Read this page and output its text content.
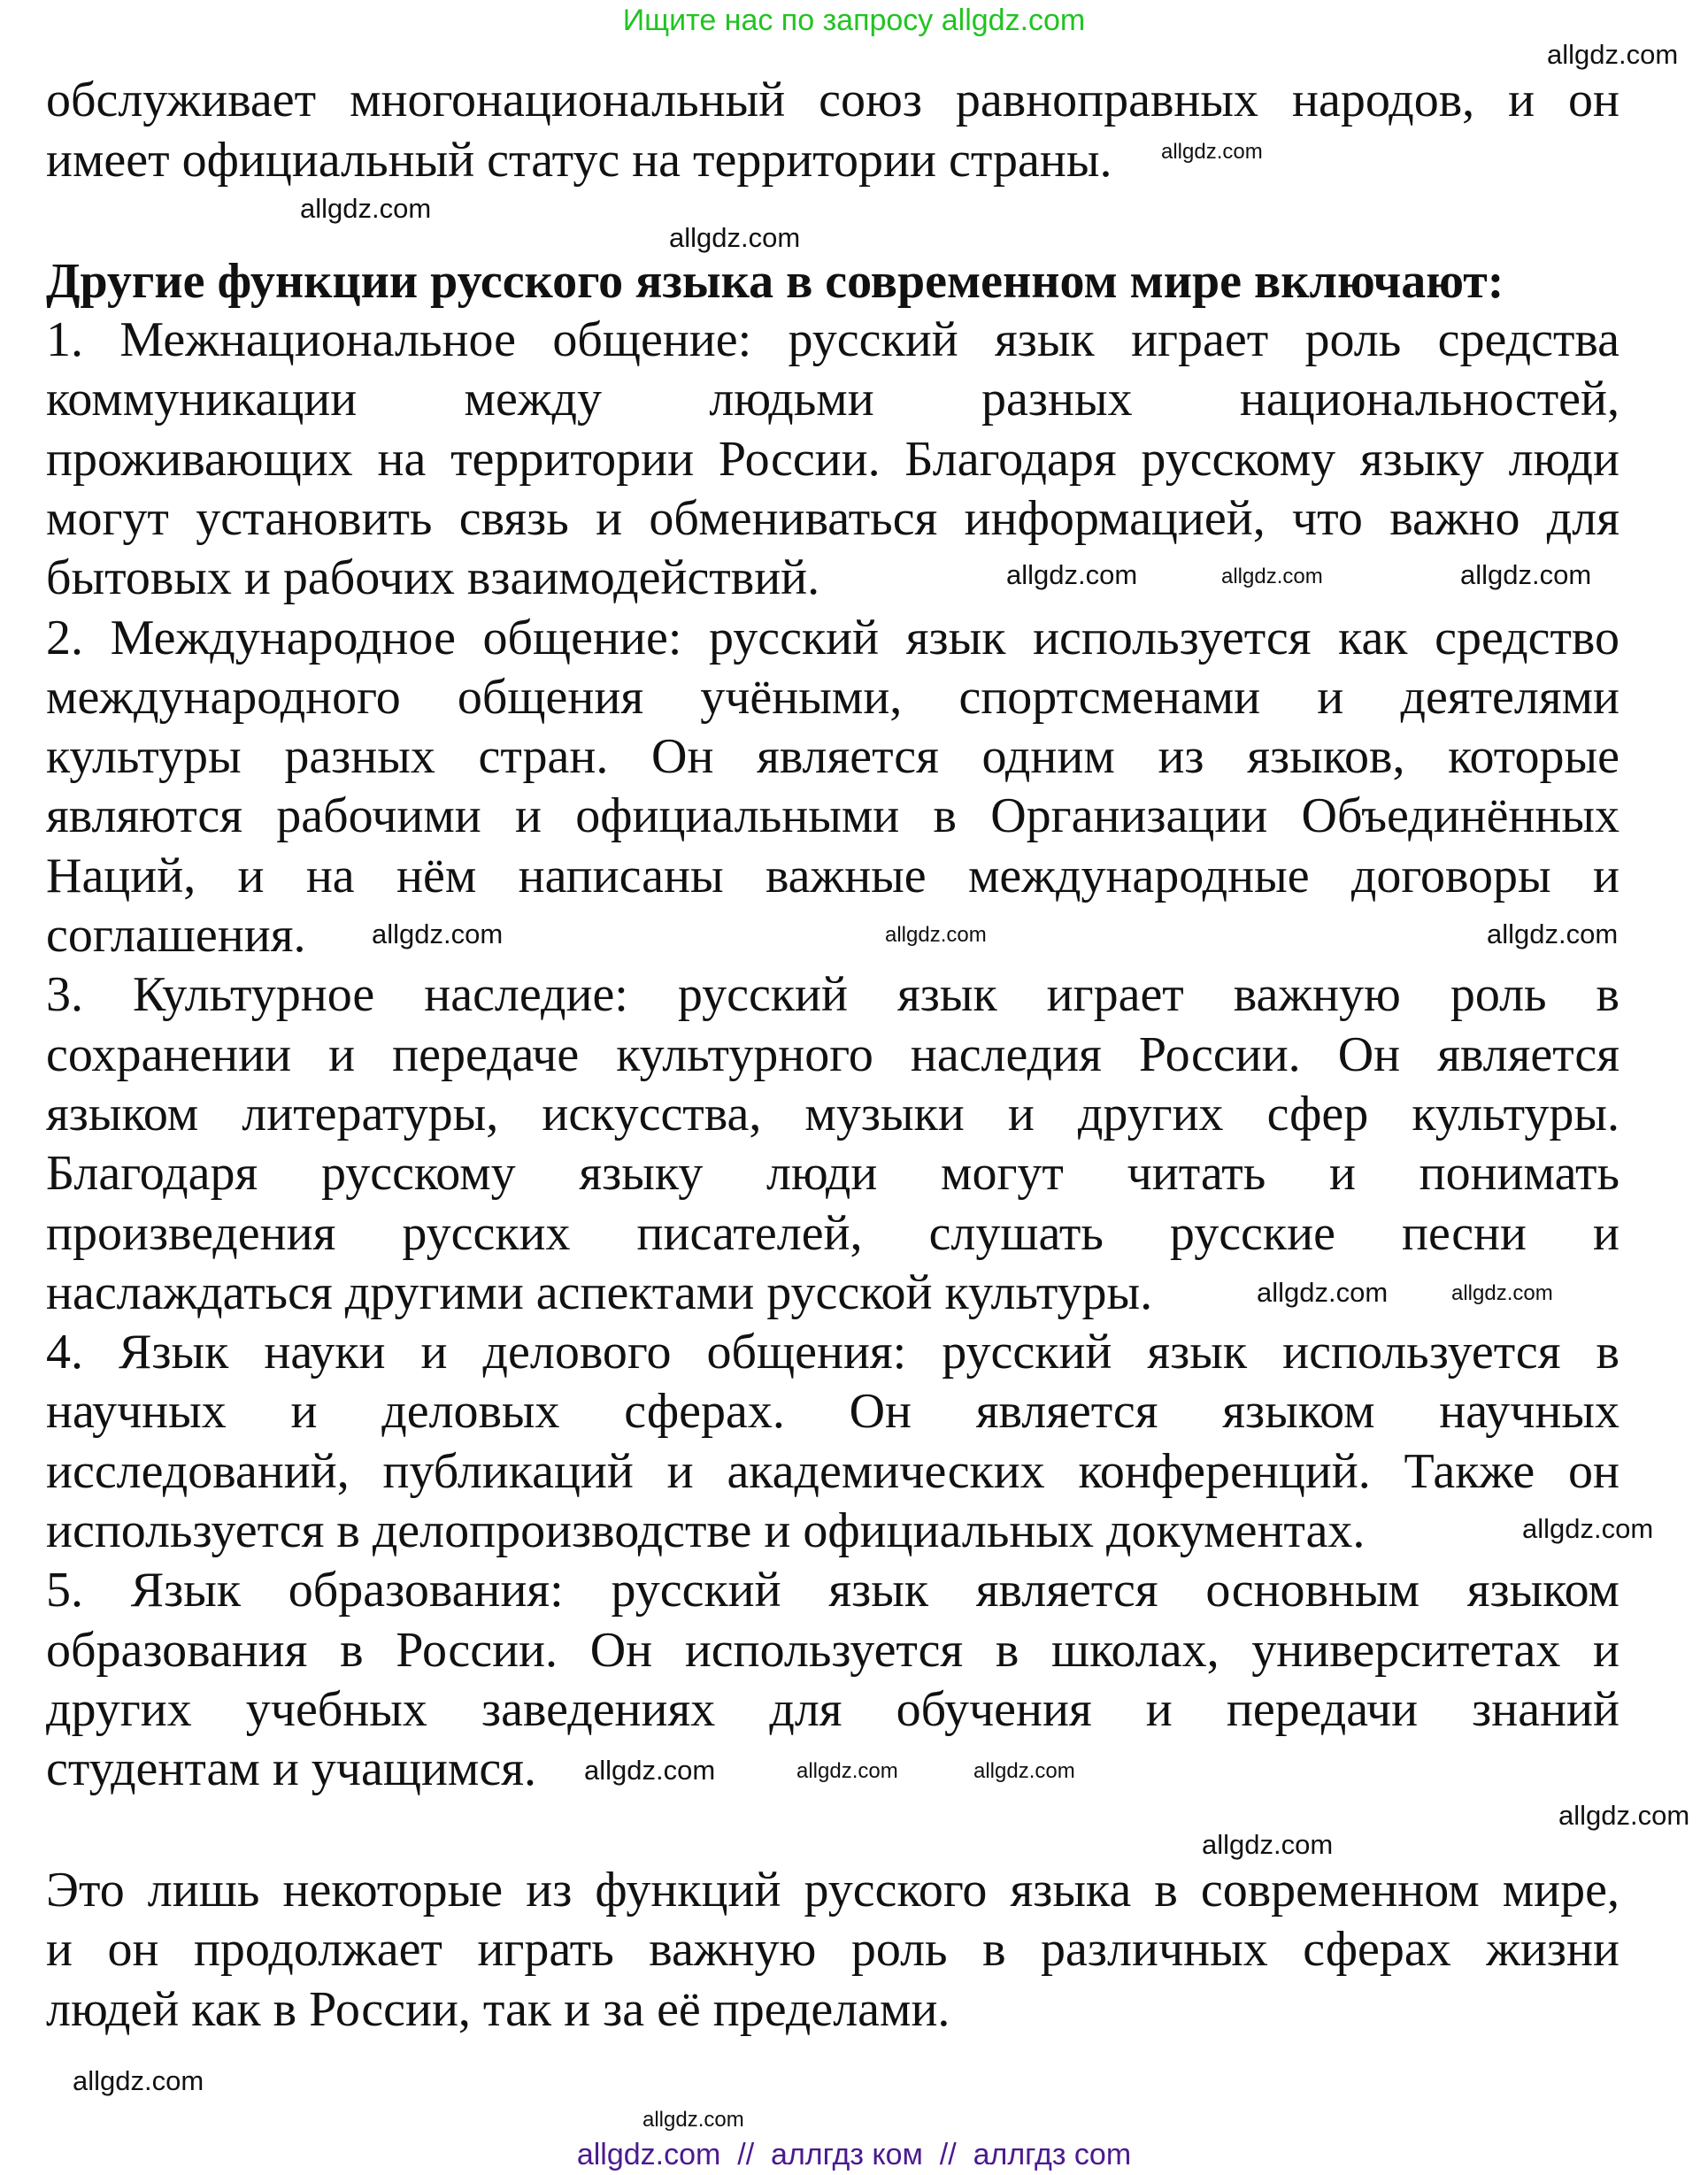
Ищите нас по запросу allgdz.com
обслуживает многонациональный союз равноправных народов, и он
имеет официальный статус на территории страны.
Другие функции русского языка в современном мире включают:
1. Межнациональное общение: русский язык играет роль средства
коммуникации между людьми разных национальностей,
проживающих на территории России. Благодаря русскому языку люди
могут установить связь и обмениваться информацией, что важно для
бытовых и рабочих взаимодействий.
2. Международное общение: русский язык используется как средство
международного общения учёными, спортсменами и деятелями
культуры разных стран. Он является одним из языков, которые
являются рабочими и официальными в Организации Объединённых
Наций, и на нём написаны важные международные договоры и
соглашения.
3. Культурное наследие: русский язык играет важную роль в
сохранении и передаче культурного наследия России. Он является
языком литературы, искусства, музыки и других сфер культуры.
Благодаря русскому языку люди могут читать и понимать
произведения русских писателей, слушать русские песни и
наслаждаться другими аспектами русской культуры.
4. Язык науки и делового общения: русский язык используется в
научных и деловых сферах. Он является языком научных
исследований, публикаций и академических конференций. Также он
используется в делопроизводстве и официальных документах.
5. Язык образования: русский язык является основным языком
образования в России. Он используется в школах, университетах и
других учебных заведениях для обучения и передачи знаний
студентам и учащимся.
Это лишь некоторые из функций русского языка в современном мире,
и он продолжает играть важную роль в различных сферах жизни
людей как в России, так и за её пределами.
allgdz.com
allgdz.com
allgdz.com
allgdz.com
allgdz.com	allgdz.com	allgdz.com
allgdz.com	allgdz.com	allgdz.com
allgdz.com	allgdz.com
allgdz.com
allgdz.com	allgdz.com	allgdz.com
allgdz.com
allgdz.com
allgdz.com
allgdz.com
allgdz.com  //  аллгдз ком  //  аллгдз com
